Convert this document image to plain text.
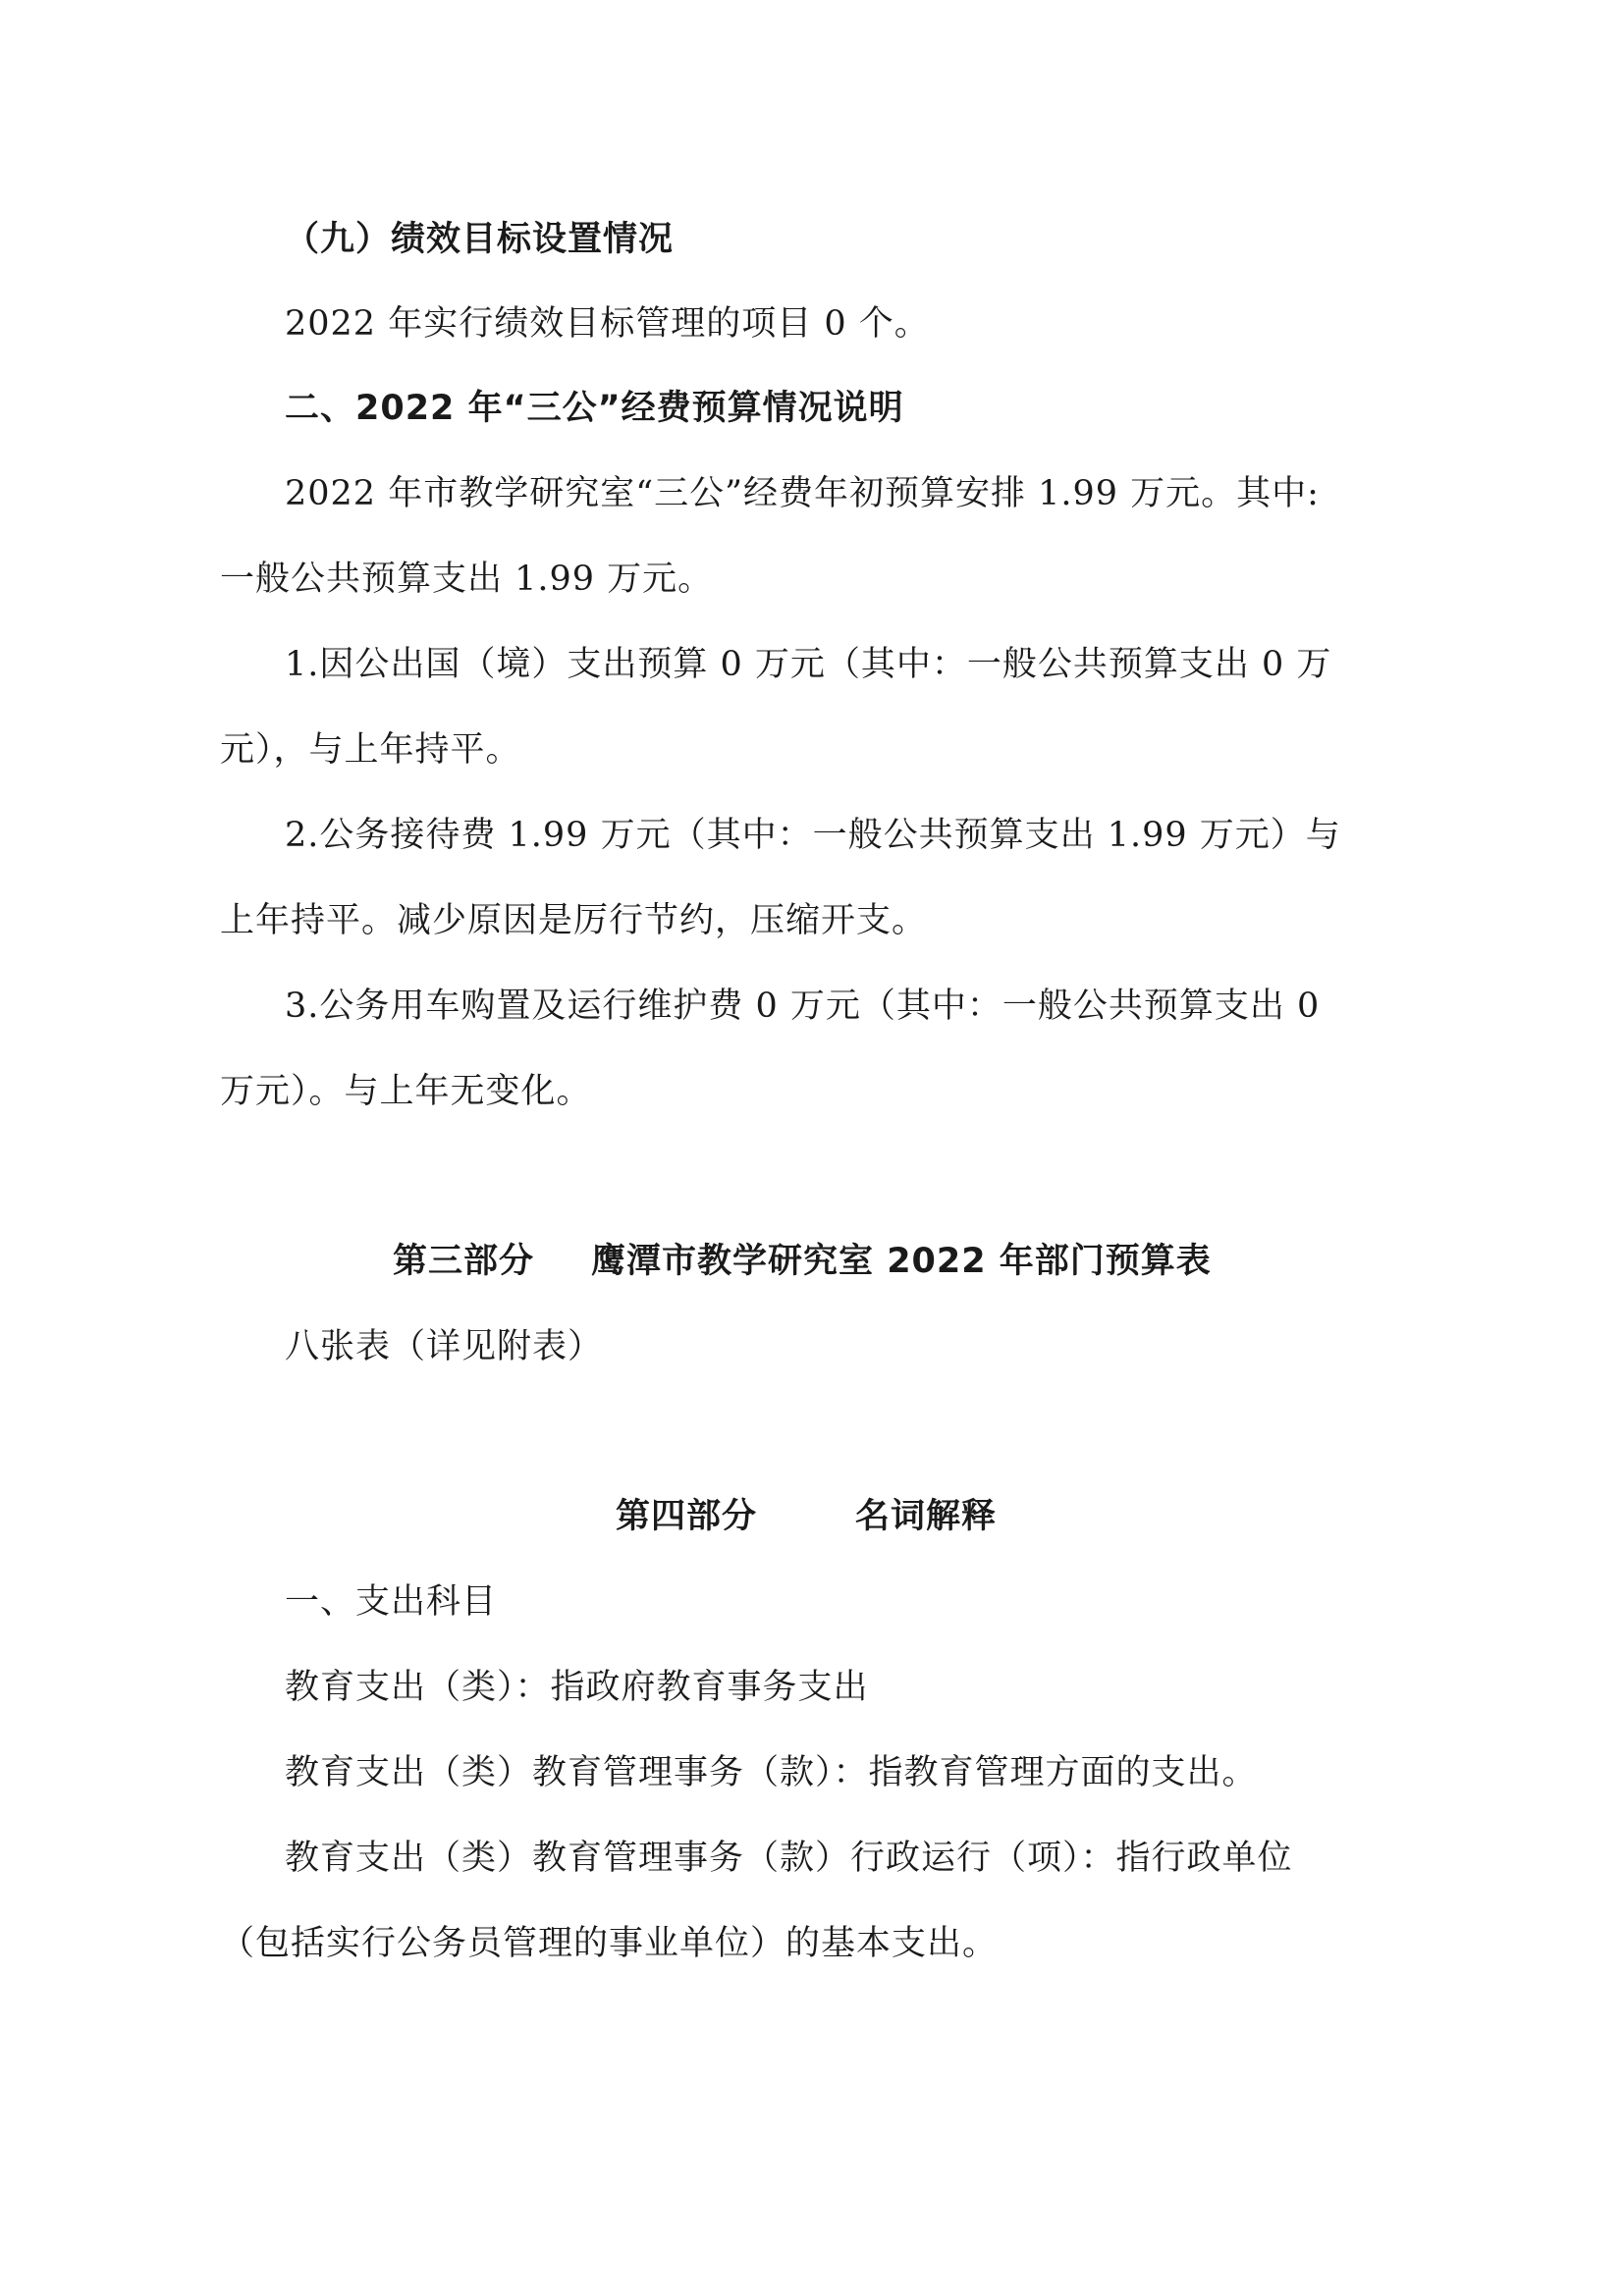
（九）绩效目标设置情况
2022 年实行绩效目标管理的项目 0 个。
二、2022 年“三公”经费预算情况说明
2022 年市教学研究室“三公”经费年初预算安排 1.99 万元。其中:
一般公共预算支出 1.99 万元。
1.因公出国（境）支出预算 0 万元（其中：一般公共预算支出 0 万
元），与上年持平。
2.公务接待费 1.99 万元（其中：一般公共预算支出 1.99 万元）与
上年持平。减少原因是厉行节约，压缩开支。
3.公务用车购置及运行维护费 0 万元（其中：一般公共预算支出 0
万元）。与上年无变化。
第三部分 鹰潭市教学研究室 2022 年部门预算表
八张表（详见附表）
第四部分	名词解释
一、支出科目
教育支出（类）：指政府教育事务支出
教育支出（类）教育管理事务（款）：指教育管理方面的支出。
教育支出（类）教育管理事务（款）行政运行（项）：指行政单位
（包括实行公务员管理的事业单位）的基本支出。
